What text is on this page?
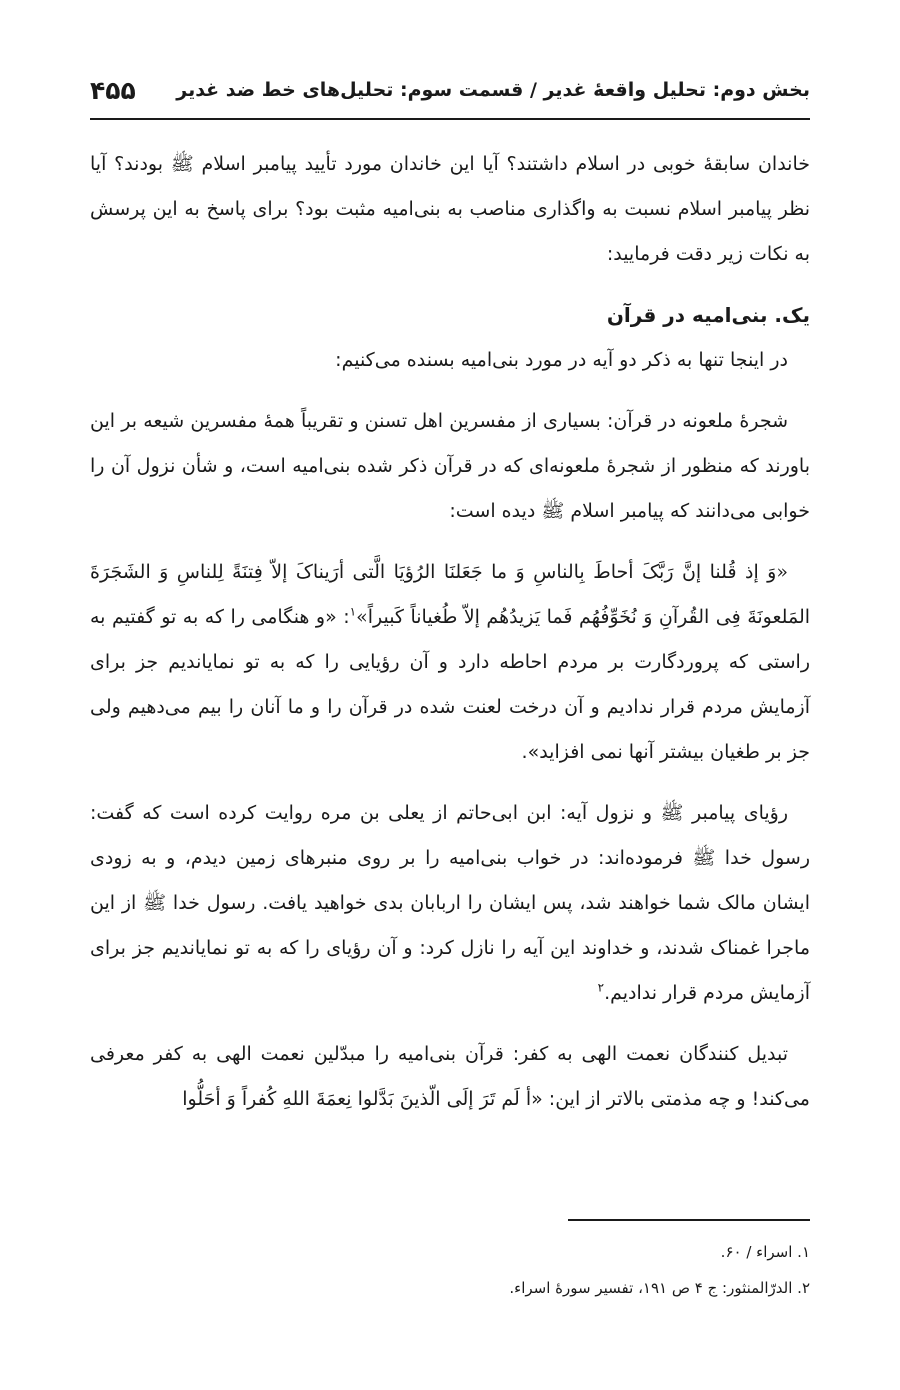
بخش دوم: تحلیل واقعهٔ غدیر / قسمت سوم: تحلیل‌های خط ضد غدیر
۴۵۵

خاندان سابقهٔ خوبی در اسلام داشتند؟ آیا این خاندان مورد تأیید پیامبر اسلام ﷺ بودند؟ آیا نظر پیامبر اسلام نسبت به واگذاری مناصب به بنی‌امیه مثبت بود؟ برای پاسخ به این پرسش به نکات زیر دقت فرمایید:

یک. بنی‌امیه در قرآن

در اینجا تنها به ذکر دو آیه در مورد بنی‌امیه بسنده می‌کنیم:

شجرهٔ ملعونه در قرآن: بسیاری از مفسرین اهل تسنن و تقریباً همهٔ مفسرین شیعه بر این باورند که منظور از شجرهٔ ملعونه‌ای که در قرآن ذکر شده بنی‌امیه است، و شأن نزول آن را خوابی می‌دانند که پیامبر اسلام ﷺ دیده است:

«وَ إذ قُلنا إنَّ رَبَّکَ أحاطَ بِالناسِ وَ ما جَعَلنَا الرُؤیَا الَّتی أرَیناکَ إلاّ فِتنَةً لِلناسِ وَ الشَجَرَةَ المَلعونَةَ فِی القُرآنِ وَ نُخَوِّفُهُم فَما یَزیدُهُم إلاّ طُغیاناً کَبیراً»$^۱$: «و هنگامی را که به تو گفتیم به راستی که پروردگارت بر مردم احاطه دارد و آن رؤیایی را که به تو نمایاندیم جز برای آزمایش مردم قرار ندادیم و آن درخت لعنت شده در قرآن را و ما آنان را بیم می‌دهیم ولی جز بر طغیان بیشتر آنها نمی افزاید».

رؤیای پیامبر ﷺ و نزول آیه: ابن ابی‌حاتم از یعلی بن مره روایت کرده است که گفت: رسول خدا ﷺ فرموده‌اند: در خواب بنی‌امیه را بر روی منبرهای زمین دیدم، و به زودی ایشان مالک شما خواهند شد، پس ایشان را اربابان بدی خواهید یافت. رسول خدا ﷺ از این ماجرا غمناک شدند، و خداوند این آیه را نازل کرد: و آن رؤیای را که به تو نمایاندیم جز برای آزمایش مردم قرار ندادیم.$^۲$

تبدیل کنندگان نعمت الهی به کفر: قرآن بنی‌امیه را مبدّلین نعمت الهی به کفر معرفی می‌کند! و چه مذمتی بالاتر از این: «أ لَم تَرَ إلَی الّذینَ بَدَّلوا نِعمَةَ اللهِ کُفراً وَ أحَلُّوا

۱. اسراء / ۶۰.

۲. الدرّالمنثور: ج ۴ ص ۱۹۱، تفسیر سورهٔ اسراء.
